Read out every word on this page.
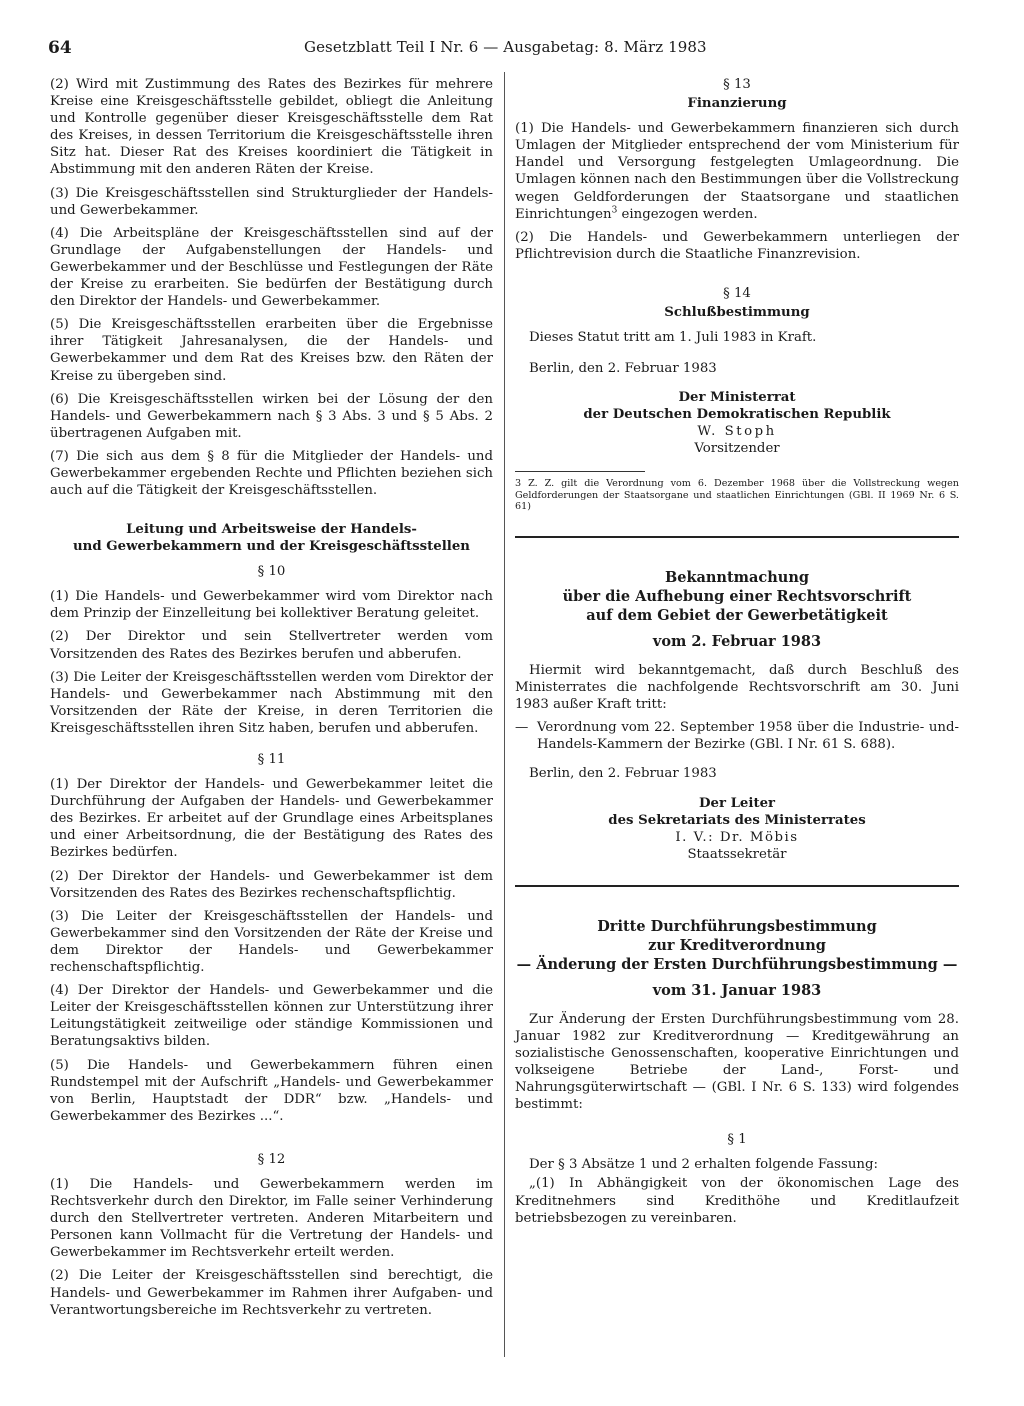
64	Gesetzblatt Teil I Nr. 6 — Ausgabetag: 8. März 1983

(2) Wird mit Zustimmung des Rates des Bezirkes für mehrere Kreise eine Kreisgeschäftsstelle gebildet, obliegt die Anleitung und Kontrolle gegenüber dieser Kreisgeschäftsstelle dem Rat des Kreises, in dessen Territorium die Kreisgeschäftsstelle ihren Sitz hat. Dieser Rat des Kreises koordiniert die Tätigkeit in Abstimmung mit den anderen Räten der Kreise.

(3) Die Kreisgeschäftsstellen sind Strukturglieder der Handels- und Gewerbekammer.

(4) Die Arbeitspläne der Kreisgeschäftsstellen sind auf der Grundlage der Aufgabenstellungen der Handels- und Gewerbekammer und der Beschlüsse und Festlegungen der Räte der Kreise zu erarbeiten. Sie bedürfen der Bestätigung durch den Direktor der Handels- und Gewerbekammer.

(5) Die Kreisgeschäftsstellen erarbeiten über die Ergebnisse ihrer Tätigkeit Jahresanalysen, die der Handels- und Gewerbekammer und dem Rat des Kreises bzw. den Räten der Kreise zu übergeben sind.

(6) Die Kreisgeschäftsstellen wirken bei der Lösung der den Handels- und Gewerbekammern nach § 3 Abs. 3 und § 5 Abs. 2 übertragenen Aufgaben mit.

(7) Die sich aus dem § 8 für die Mitglieder der Handels- und Gewerbekammer ergebenden Rechte und Pflichten beziehen sich auch auf die Tätigkeit der Kreisgeschäftsstellen.

Leitung und Arbeitsweise der Handels-
und Gewerbekammern und der Kreisgeschäftsstellen
§ 10

(1) Die Handels- und Gewerbekammer wird vom Direktor nach dem Prinzip der Einzelleitung bei kollektiver Beratung geleitet.

(2) Der Direktor und sein Stellvertreter werden vom Vorsitzenden des Rates des Bezirkes berufen und abberufen.

(3) Die Leiter der Kreisgeschäftsstellen werden vom Direktor der Handels- und Gewerbekammer nach Abstimmung mit den Vorsitzenden der Räte der Kreise, in deren Territorien die Kreisgeschäftsstellen ihren Sitz haben, berufen und abberufen.

§ 11

(1) Der Direktor der Handels- und Gewerbekammer leitet die Durchführung der Aufgaben der Handels- und Gewerbekammer des Bezirkes. Er arbeitet auf der Grundlage eines Arbeitsplanes und einer Arbeitsordnung, die der Bestätigung des Rates des Bezirkes bedürfen.

(2) Der Direktor der Handels- und Gewerbekammer ist dem Vorsitzenden des Rates des Bezirkes rechenschaftspflichtig.

(3) Die Leiter der Kreisgeschäftsstellen der Handels- und Gewerbekammer sind den Vorsitzenden der Räte der Kreise und dem Direktor der Handels- und Gewerbekammer rechenschaftspflichtig.

(4) Der Direktor der Handels- und Gewerbekammer und die Leiter der Kreisgeschäftsstellen können zur Unterstützung ihrer Leitungstätigkeit zeitweilige oder ständige Kommissionen und Beratungsaktivs bilden.

(5) Die Handels- und Gewerbekammern führen einen Rundstempel mit der Aufschrift „Handels- und Gewerbekammer von Berlin, Hauptstadt der DDR“ bzw. „Handels- und Gewerbekammer des Bezirkes ...“.

§ 12

(1) Die Handels- und Gewerbekammern werden im Rechtsverkehr durch den Direktor, im Falle seiner Verhinderung durch den Stellvertreter vertreten. Anderen Mitarbeitern und Personen kann Vollmacht für die Vertretung der Handels- und Gewerbekammer im Rechtsverkehr erteilt werden.

(2) Die Leiter der Kreisgeschäftsstellen sind berechtigt, die Handels- und Gewerbekammer im Rahmen ihrer Aufgaben- und Verantwortungsbereiche im Rechtsverkehr zu vertreten.

§ 13
Finanzierung

(1) Die Handels- und Gewerbekammern finanzieren sich durch Umlagen der Mitglieder entsprechend der vom Ministerium für Handel und Versorgung festgelegten Umlageordnung. Die Umlagen können nach den Bestimmungen über die Vollstreckung wegen Geldforderungen der Staatsorgane und staatlichen Einrichtungen$^3$ eingezogen werden.

(2) Die Handels- und Gewerbekammern unterliegen der Pflichtrevision durch die Staatliche Finanzrevision.

§ 14
Schlußbestimmung

Dieses Statut tritt am 1. Juli 1983 in Kraft.

Berlin, den 2. Februar 1983

Der Ministerrat
der Deutschen Demokratischen Republik
W. Stoph
Vorsitzender
3 Z. Z. gilt die Verordnung vom 6. Dezember 1968 über die Vollstreckung wegen Geldforderungen der Staatsorgane und staatlichen Einrichtungen (GBl. II 1969 Nr. 6 S. 61)
Bekanntmachung
über die Aufhebung einer Rechtsvorschrift
auf dem Gebiet der Gewerbetätigkeit
vom 2. Februar 1983

Hiermit wird bekanntgemacht, daß durch Beschluß des Ministerrates die nachfolgende Rechtsvorschrift am 30. Juni 1983 außer Kraft tritt:

— Verordnung vom 22. September 1958 über die Industrie- und-Handels-Kammern der Bezirke (GBl. I Nr. 61 S. 688).

Berlin, den 2. Februar 1983

Der Leiter
des Sekretariats des Ministerrates
I. V.: Dr. Möbis
Staatssekretär
Dritte Durchführungsbestimmung
zur Kreditverordnung
— Änderung der Ersten Durchführungsbestimmung —
vom 31. Januar 1983

Zur Änderung der Ersten Durchführungsbestimmung vom 28. Januar 1982 zur Kreditverordnung — Kreditgewährung an sozialistische Genossenschaften, kooperative Einrichtungen und volkseigene Betriebe der Land-, Forst- und Nahrungsgüterwirtschaft — (GBl. I Nr. 6 S. 133) wird folgendes bestimmt:

§ 1

Der § 3 Absätze 1 und 2 erhalten folgende Fassung:

„(1) In Abhängigkeit von der ökonomischen Lage des Kreditnehmers sind Kredithöhe und Kreditlaufzeit betriebsbezogen zu vereinbaren.
